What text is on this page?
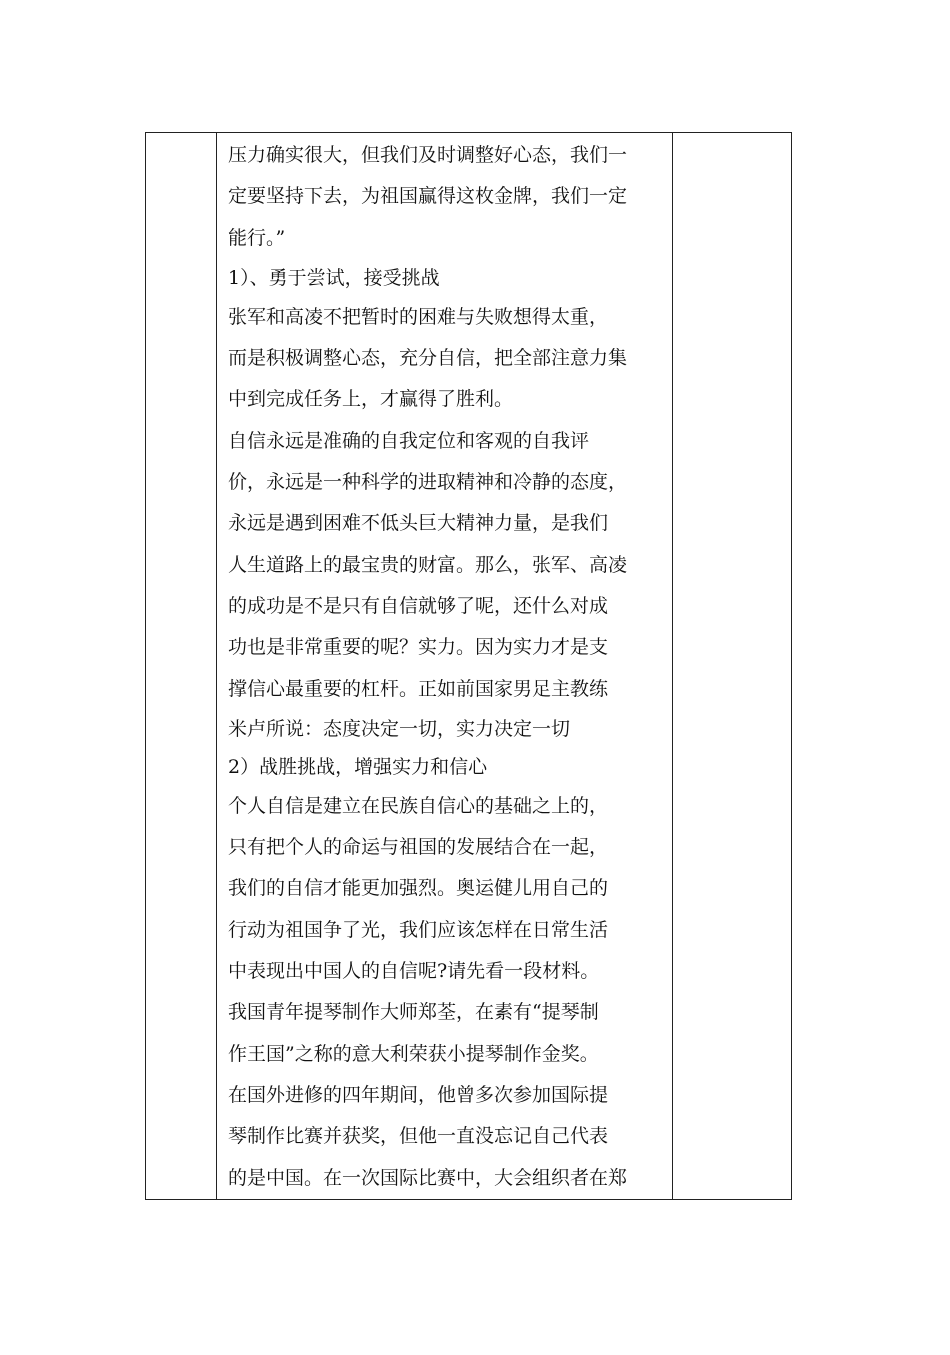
压力确实很大，但我们及时调整好心态，我们一
定要坚持下去，为祖国赢得这枚金牌，我们一定
能行。”
1）、勇于尝试，接受挑战
张军和高凌不把暂时的困难与失败想得太重，
而是积极调整心态，充分自信，把全部注意力集
中到完成任务上，才赢得了胜利。
自信永远是准确的自我定位和客观的自我评
价，永远是一种科学的进取精神和冷静的态度，
永远是遇到困难不低头巨大精神力量，是我们
人生道路上的最宝贵的财富。那么，张军、高凌
的成功是不是只有自信就够了呢，还什么对成
功也是非常重要的呢？实力。因为实力才是支
撑信心最重要的杠杆。正如前国家男足主教练
米卢所说：态度决定一切，实力决定一切
2）战胜挑战，增强实力和信心
个人自信是建立在民族自信心的基础之上的，
只有把个人的命运与祖国的发展结合在一起，
我们的自信才能更加强烈。奥运健儿用自己的
行动为祖国争了光，我们应该怎样在日常生活
中表现出中国人的自信呢?请先看一段材料。
我国青年提琴制作大师郑荃，在素有“提琴制
作王国”之称的意大利荣获小提琴制作金奖。
在国外进修的四年期间，他曾多次参加国际提
琴制作比赛并获奖，但他一直没忘记自己代表
的是中国。在一次国际比赛中，大会组织者在郑
